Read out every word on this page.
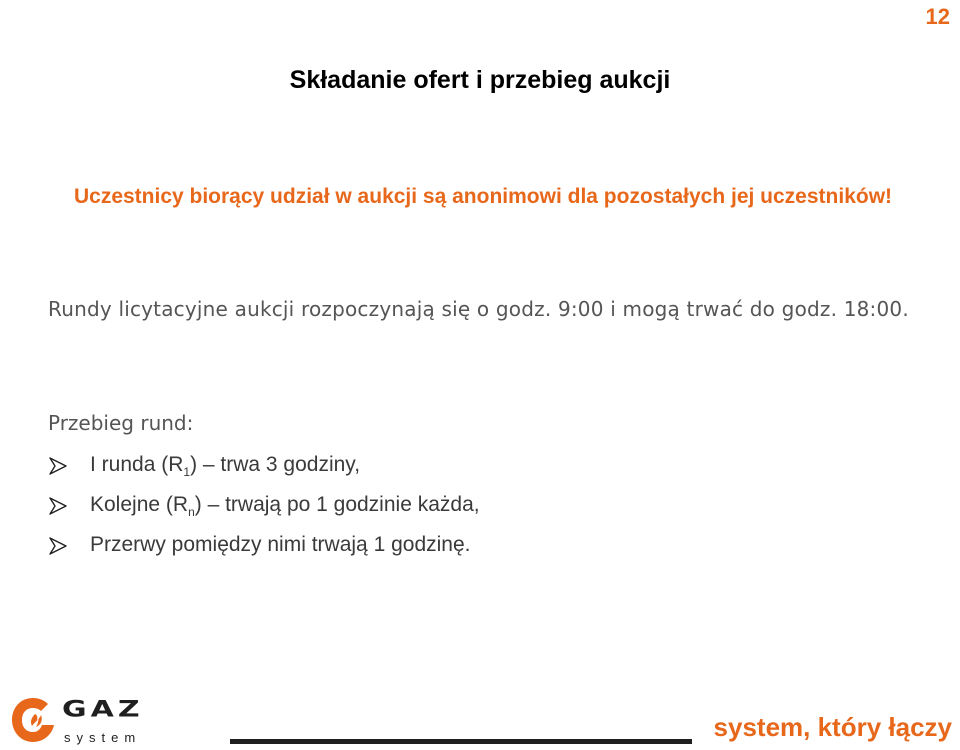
12
Składanie ofert i przebieg aukcji
Uczestnicy biorący udział w aukcji są anonimowi dla pozostałych jej uczestników!
Rundy licytacyjne aukcji rozpoczynają się o godz. 9:00 i mogą trwać do godz. 18:00.
Przebieg rund:
I runda $(R_1)$ – trwa 3 godziny,
Kolejne $(R_n)$ – trwają po 1 godzinie każda,
Przerwy pomiędzy nimi trwają 1 godzinę.
GAZ
system	system, który łączy
